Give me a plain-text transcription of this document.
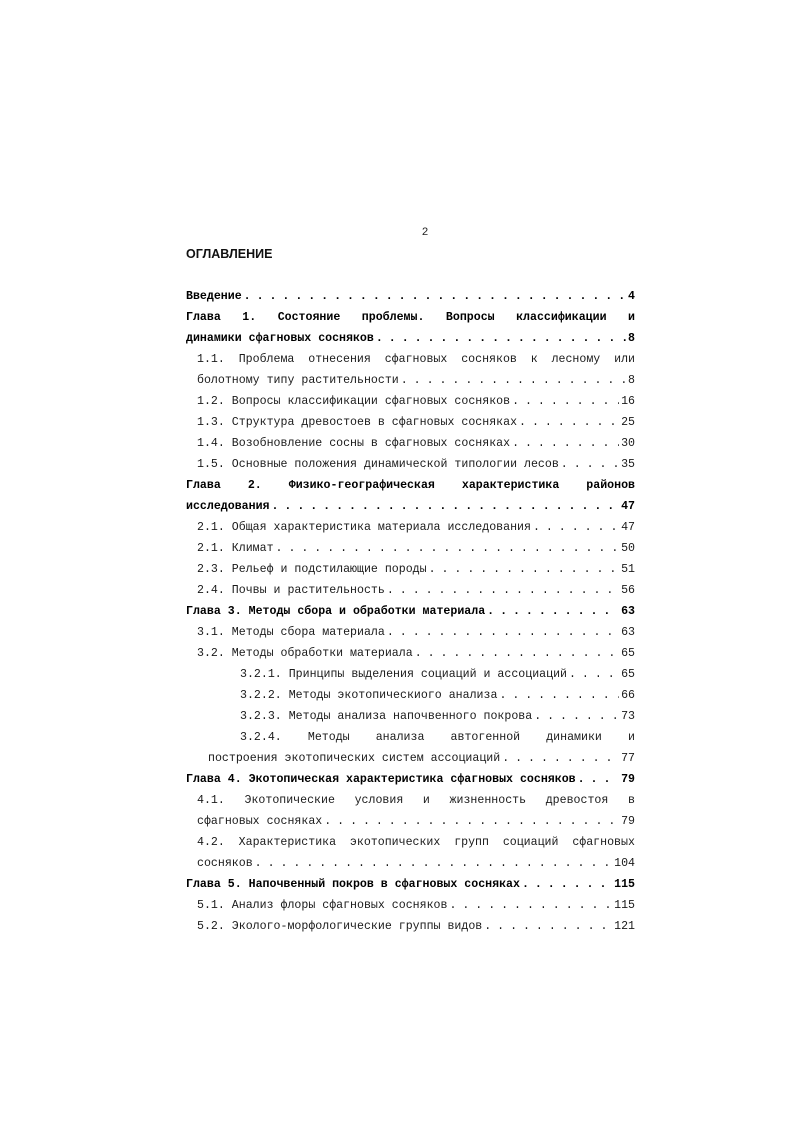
2
ОГЛАВЛЕНИЕ
Введение . . .	4
Глава 1. Состояние проблемы. Вопросы классификации и
динамики сфагновых сосняков . . .	8
1.1. Проблема отнесения сфагновых сосняков к лесному или
болотному типу растительности . . .	8
1.2. Вопросы классификации сфагновых сосняков . . .	16
1.3. Структура древостоев в сфагновых сосняках . . .	25
1.4. Возобновление сосны в сфагновых сосняках . . .	30
1.5. Основные положения динамической типологии лесов . . .	35
Глава 2. Физико-географическая характеристика районов
исследования . . .	47
2.1. Общая характеристика материала исследования . . .	47
2.1. Климат . . .	50
2.3. Рельеф и подстилающие породы . . .	51
2.4. Почвы и растительность . . .	56
Глава 3. Методы сбора и обработки материала . . .	63
3.1. Методы сбора материала . . .	63
3.2. Методы обработки материала . . .	65
3.2.1. Принципы выделения социаций и ассоциаций . . .	65
3.2.2. Методы экотопическиого анализа . . .	66
3.2.3. Методы анализа напочвенного покрова . . .	73
3.2.4. Методы анализа автогенной динамики и
построения экотопических систем ассоциаций . . .	77
Глава 4. Экотопическая характеристика сфагновых сосняков . . .	79
4.1. Экотопические условия и жизненность древостоя в
сфагновых сосняках . . .	79
4.2. Характеристика экотопических групп социаций сфагновых
сосняков . . .	104
Глава 5. Напочвенный покров в сфагновых сосняках . . .	115
5.1. Анализ флоры сфагновых сосняков . . .	115
5.2. Эколого-морфологические группы видов . . .	121
